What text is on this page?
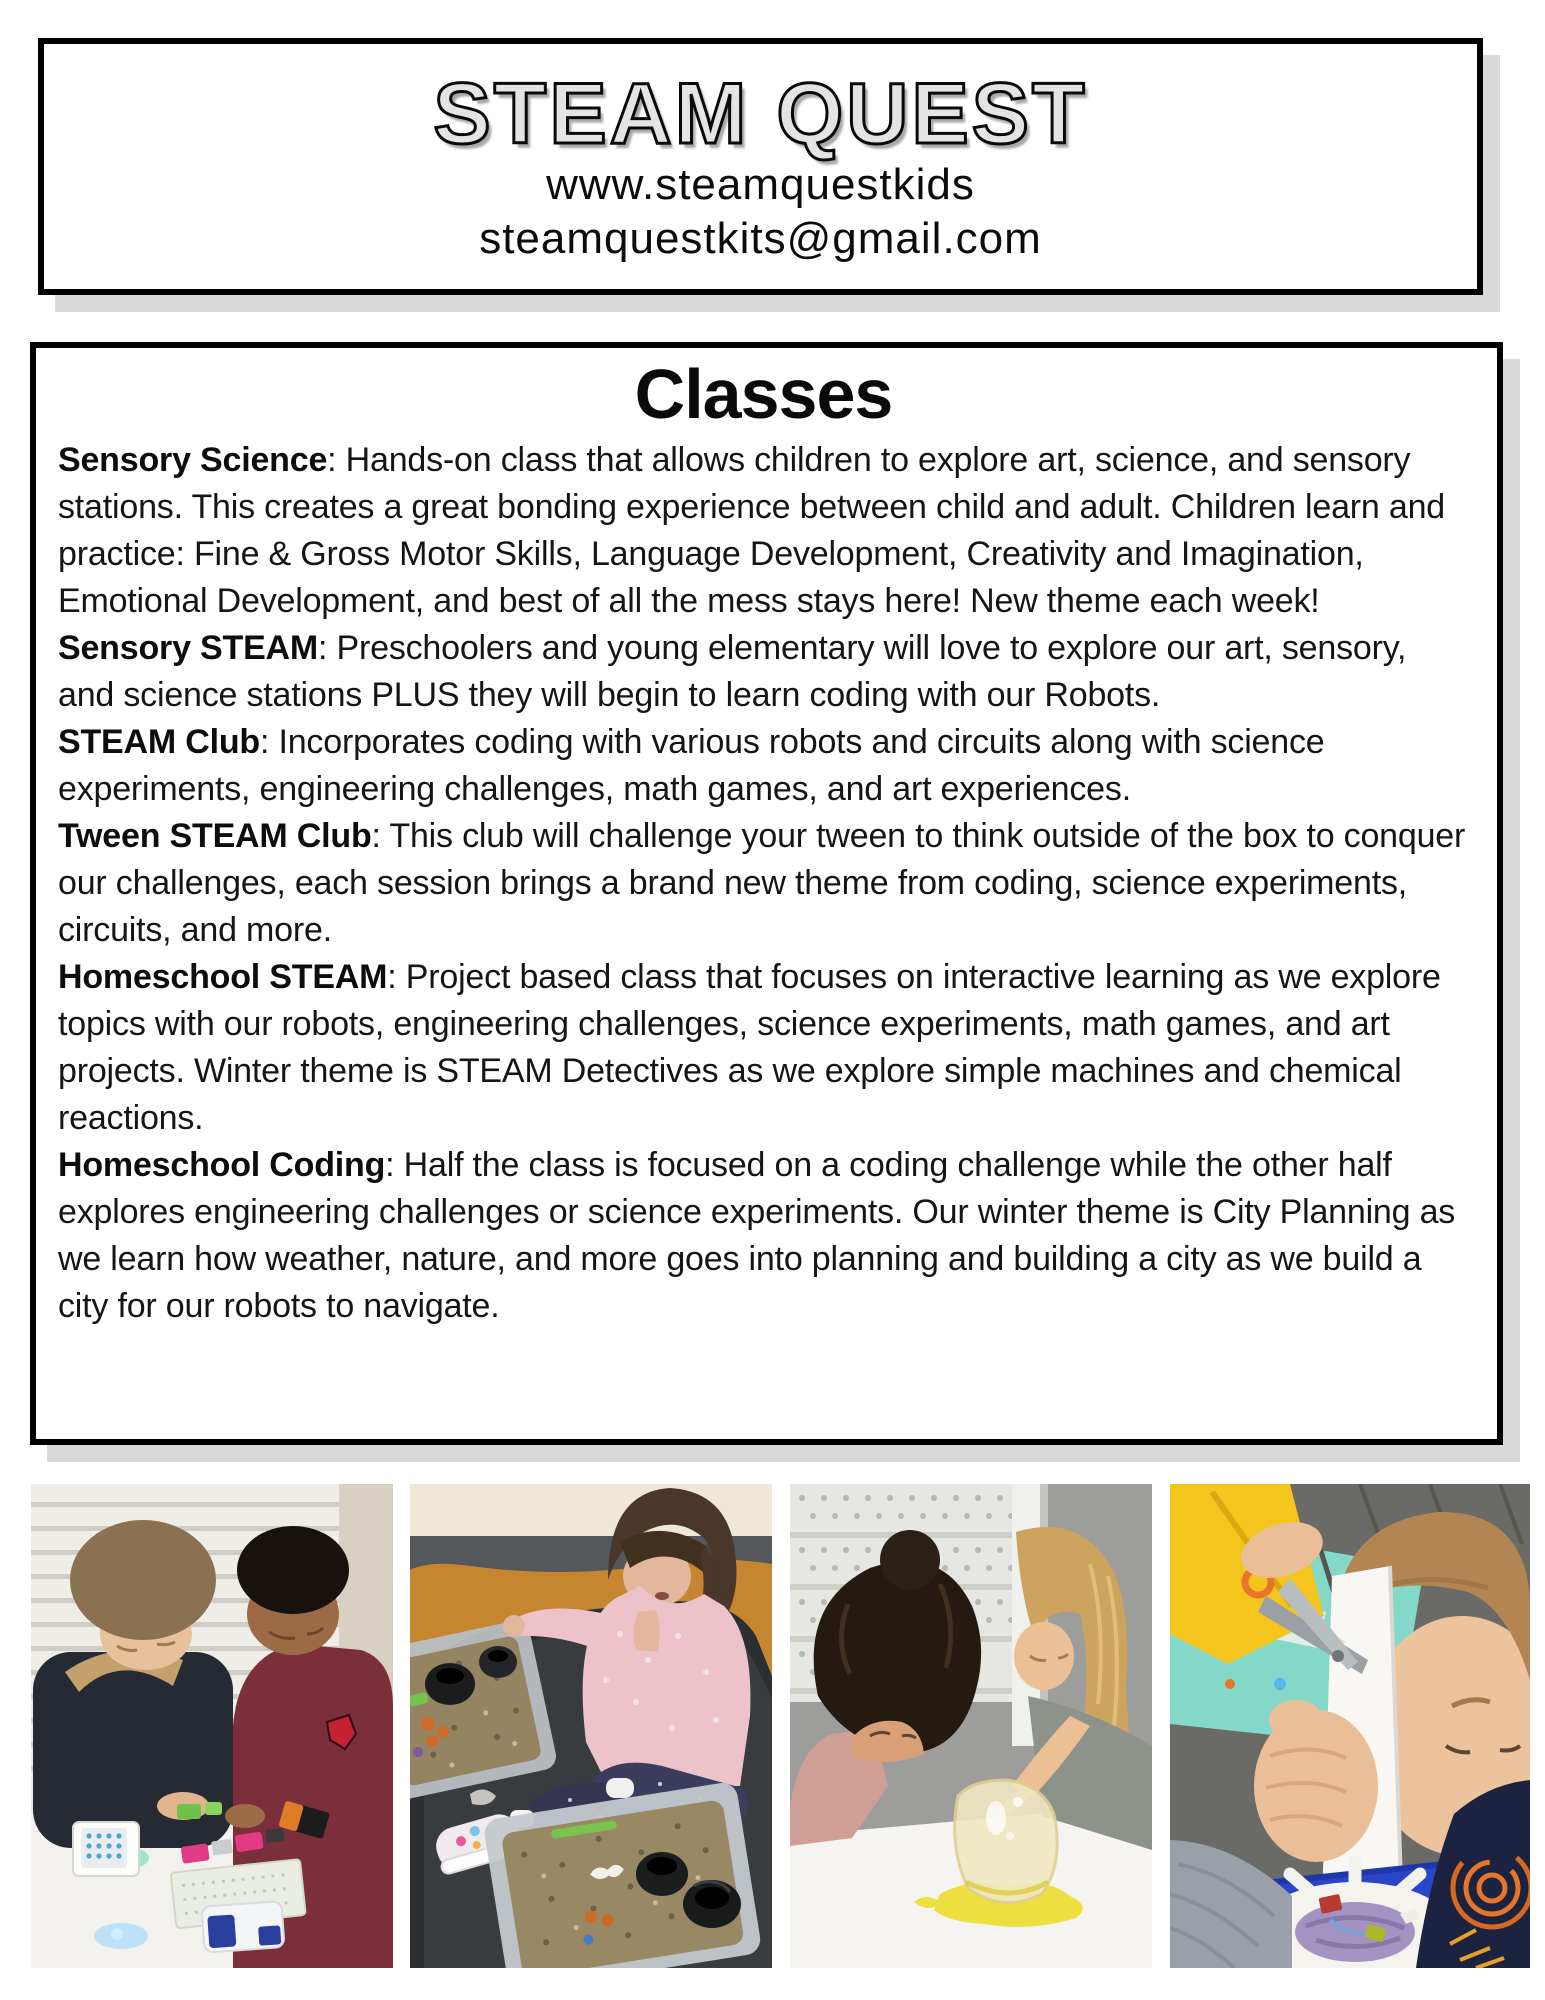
STEAM QUEST
www.steamquestkids
steamquestkits@gmail.com
Classes

Sensory Science: Hands-on class that allows children to explore art, science, and sensory stations. This creates a great bonding experience between child and adult. Children learn and practice: Fine & Gross Motor Skills, Language Development, Creativity and Imagination, Emotional Development, and best of all the mess stays here! New theme each week!

Sensory STEAM: Preschoolers and young elementary will love to explore our art, sensory, and science stations PLUS they will begin to learn coding with our Robots.

STEAM Club: Incorporates coding with various robots and circuits along with science experiments, engineering challenges, math games, and art experiences.

Tween STEAM Club: This club will challenge your tween to think outside of the box to conquer our challenges, each session brings a brand new theme from coding, science experiments, circuits, and more.

Homeschool STEAM: Project based class that focuses on interactive learning as we explore topics with our robots, engineering challenges, science experiments, math games, and art projects. Winter theme is STEAM Detectives as we explore simple machines and chemical reactions.

Homeschool Coding: Half the class is focused on a coding challenge while the other half explores engineering challenges or science experiments. Our winter theme is City Planning as we learn how weather, nature, and more goes into planning and building a city as we build a city for our robots to navigate.
